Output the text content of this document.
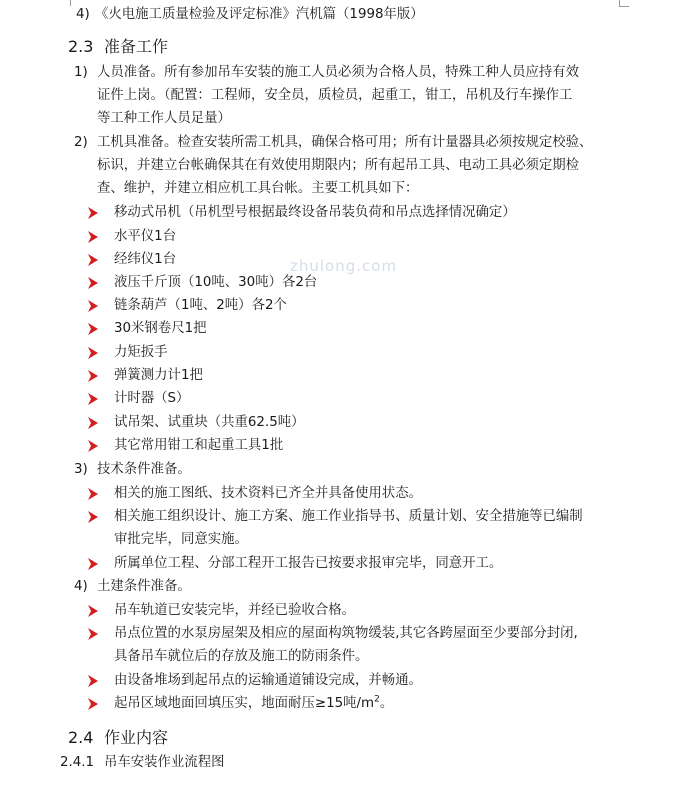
zhulong.com
4) 《火电施工质量检验及评定标准》汽机篇（1998年版）
2.3 准备工作
1) 人员准备。所有参加吊车安装的施工人员必须为合格人员，特殊工种人员应持有效
证件上岗。（配置：工程师，安全员，质检员，起重工，钳工，吊机及行车操作工
等工种工作人员足量）
2) 工机具准备。检查安装所需工机具，确保合格可用；所有计量器具必须按规定校验、
标识，并建立台帐确保其在有效使用期限内；所有起吊工具、电动工具必须定期检
查、维护，并建立相应机工具台帐。主要工机具如下：
移动式吊机（吊机型号根据最终设备吊装负荷和吊点选择情况确定）
水平仪1台
经纬仪1台
液压千斤顶（10吨、30吨）各2台
链条葫芦（1吨、2吨）各2个
30米钢卷尺1把
力矩扳手
弹簧测力计1把
计时器（S）
试吊架、试重块（共重62.5吨）
其它常用钳工和起重工具1批
3) 技术条件准备。
相关的施工图纸、技术资料已齐全并具备使用状态。
相关施工组织设计、施工方案、施工作业指导书、质量计划、安全措施等已编制
审批完毕，同意实施。
所属单位工程、分部工程开工报告已按要求报审完毕，同意开工。
4) 土建条件准备。
吊车轨道已安装完毕，并经已验收合格。
吊点位置的水泵房屋架及相应的屋面构筑物缓装,其它各跨屋面至少要部分封闭,
具备吊车就位后的存放及施工的防雨条件。
由设备堆场到起吊点的运输通道铺设完成，并畅通。
起吊区域地面回填压实，地面耐压≥15吨$/m^2$。
2.4 作业内容
2.4.1 吊车安装作业流程图
